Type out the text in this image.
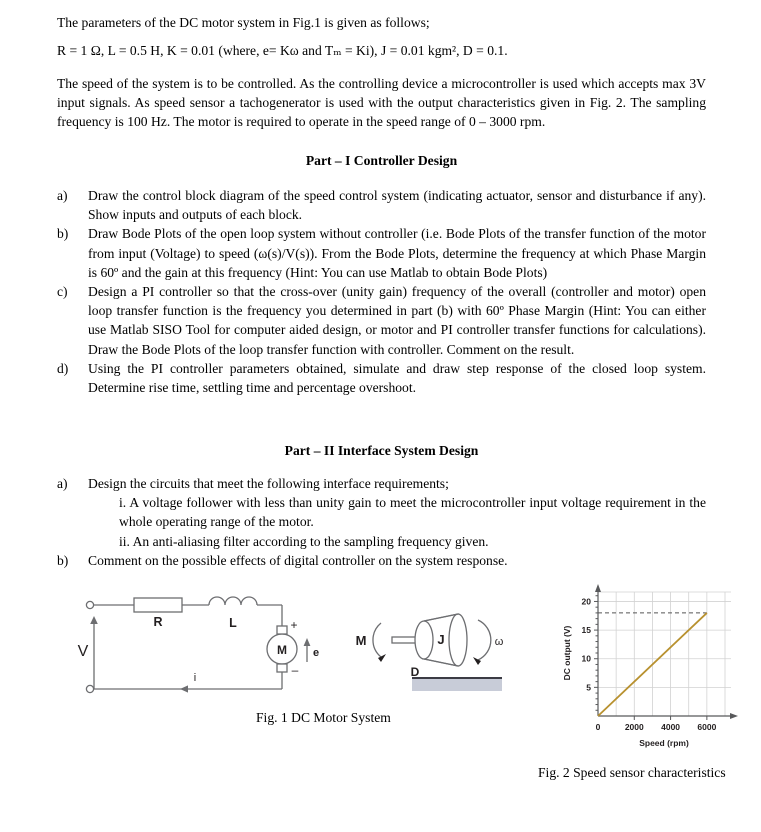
The parameters of the DC motor system in Fig.1 is given as follows;
R = 1 Ω, L = 0.5 H, K = 0.01 (where, e= Kω and Tₘ = Ki), J = 0.01 kgm², D = 0.1.
The speed of the system is to be controlled. As the controlling device a microcontroller is used which accepts max 3V input signals. As speed sensor a tachogenerator is used with the output characteristics given in Fig. 2. The sampling frequency is 100 Hz. The motor is required to operate in the speed range of 0 – 3000 rpm.
Part – I Controller Design
a)	Draw the control block diagram of the speed control system (indicating actuator, sensor and disturbance if any). Show inputs and outputs of each block.
b)	Draw Bode Plots of the open loop system without controller (i.e. Bode Plots of the transfer function of the motor from input (Voltage) to speed (ω(s)/V(s)). From the Bode Plots, determine the frequency at which Phase Margin is 60º and the gain at this frequency (Hint: You can use Matlab to obtain Bode Plots)
c)	Design a PI controller so that the cross-over (unity gain) frequency of the overall (controller and motor) open loop transfer function is the frequency you determined in part (b) with 60º Phase Margin (Hint: You can either use Matlab SISO Tool for computer aided design, or motor and PI controller transfer functions for calculations). Draw the Bode Plots of the loop transfer function with controller. Comment on the result.
d)	Using the PI controller parameters obtained, simulate and draw step response of the closed loop system. Determine rise time, settling time and percentage overshoot.
Part – II Interface System Design
a)	Design the circuits that meet the following interface requirements;
i. A voltage follower with less than unity gain to meet the microcontroller input voltage requirement in the whole operating range of the motor.
ii. An anti-aliasing filter according to the sampling frequency given.
b)	Comment on the possible effects of digital controller on the system response.
V
R	L
M e
i
+
–
M	J
D
ω
5
10
15
20
0	2000 4000 6000
DC output (V)
Speed (rpm)
Fig. 1 DC Motor System
Fig. 2 Speed sensor characteristics
